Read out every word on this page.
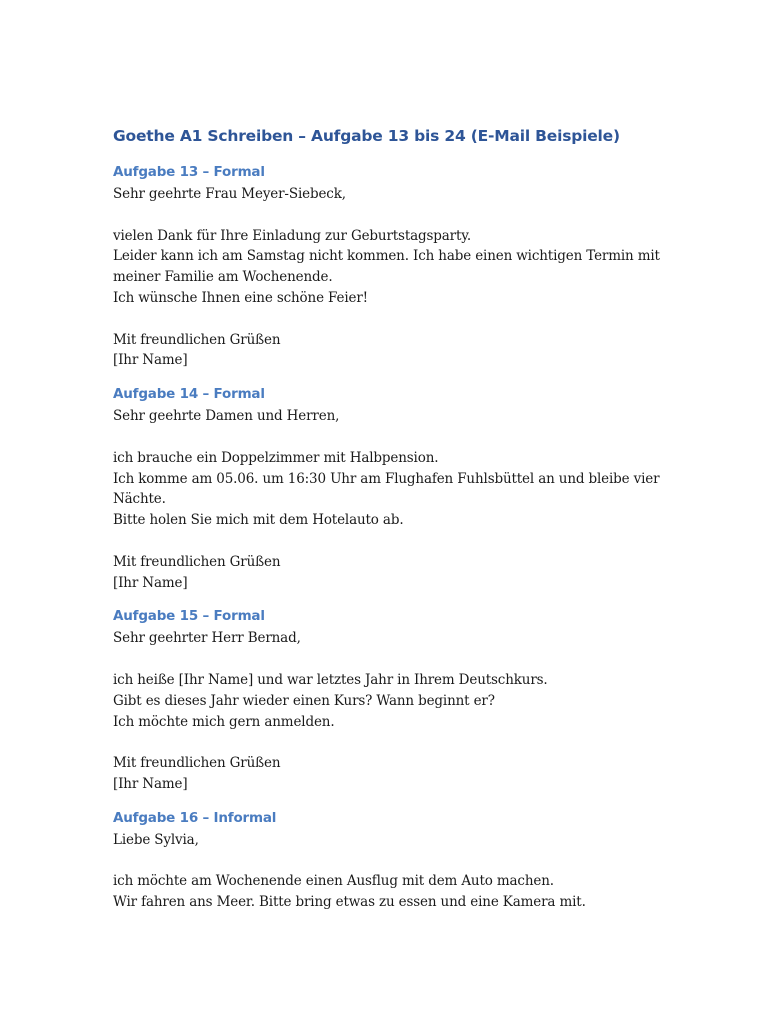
Goethe A1 Schreiben – Aufgabe 13 bis 24 (E-Mail Beispiele)
Aufgabe 13 – Formal
Sehr geehrte Frau Meyer-Siebeck,
vielen Dank für Ihre Einladung zur Geburtstagsparty.
Leider kann ich am Samstag nicht kommen. Ich habe einen wichtigen Termin mit
meiner Familie am Wochenende.
Ich wünsche Ihnen eine schöne Feier!
Mit freundlichen Grüßen
[Ihr Name]
Aufgabe 14 – Formal
Sehr geehrte Damen und Herren,
ich brauche ein Doppelzimmer mit Halbpension.
Ich komme am 05.06. um 16:30 Uhr am Flughafen Fuhlsbüttel an und bleibe vier
Nächte.
Bitte holen Sie mich mit dem Hotelauto ab.
Mit freundlichen Grüßen
[Ihr Name]
Aufgabe 15 – Formal
Sehr geehrter Herr Bernad,
ich heiße [Ihr Name] und war letztes Jahr in Ihrem Deutschkurs.
Gibt es dieses Jahr wieder einen Kurs? Wann beginnt er?
Ich möchte mich gern anmelden.
Mit freundlichen Grüßen
[Ihr Name]
Aufgabe 16 – Informal
Liebe Sylvia,
ich möchte am Wochenende einen Ausflug mit dem Auto machen.
Wir fahren ans Meer. Bitte bring etwas zu essen und eine Kamera mit.
